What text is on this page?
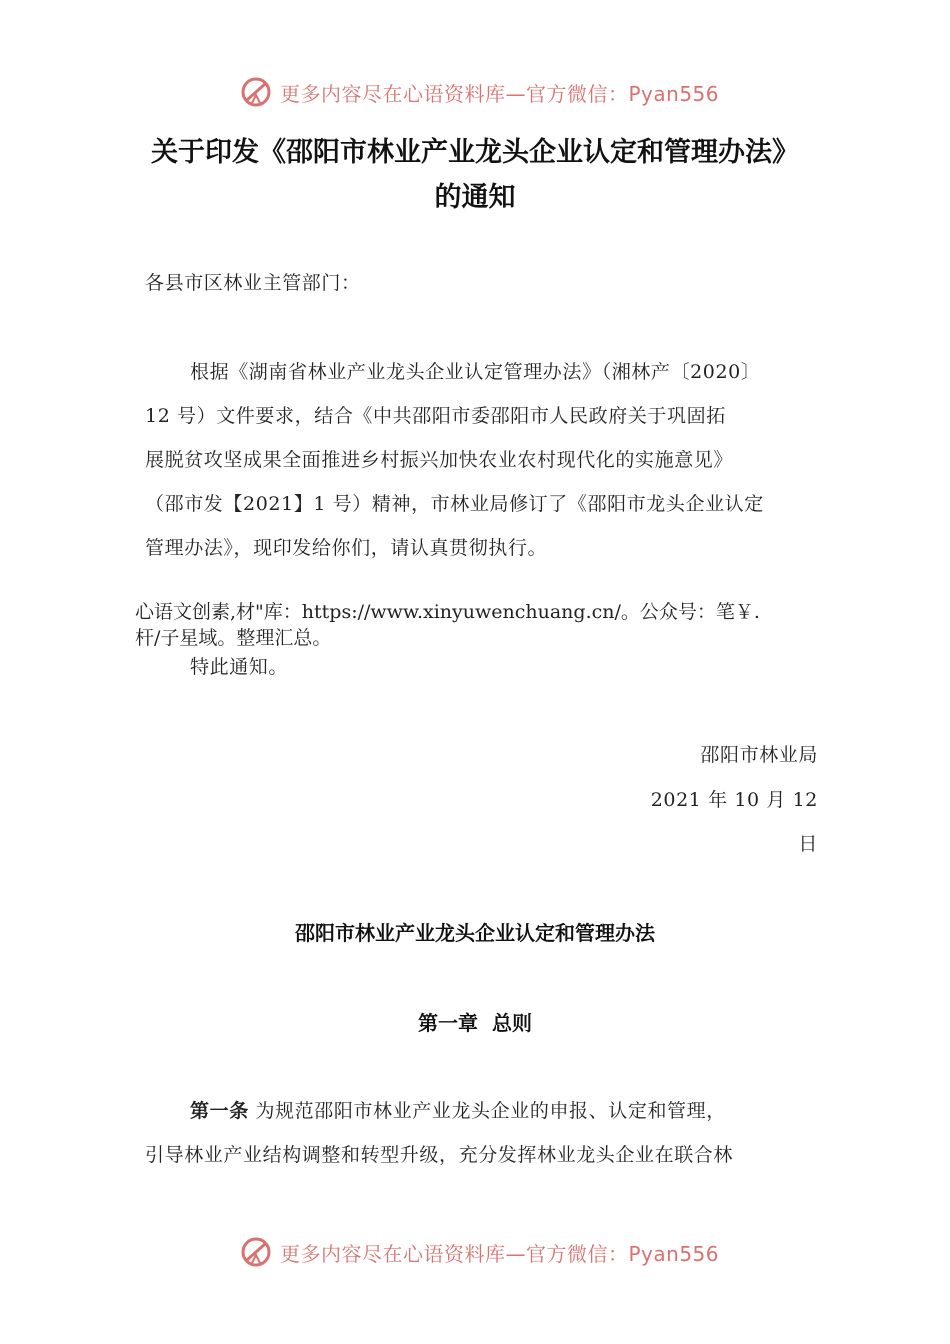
更多内容尽在心语资料库—官方微信：Pyan556
关于印发《邵阳市林业产业龙头企业认定和管理办法》
的通知
各县市区林业主管部门：
根据《湖南省林业产业龙头企业认定管理办法》（湘林产〔2020〕
12 号）文件要求，结合《中共邵阳市委邵阳市人民政府关于巩固拓
展脱贫攻坚成果全面推进乡村振兴加快农业农村现代化的实施意见》
（邵市发【2021】1 号）精神，市林业局修订了《邵阳市龙头企业认定
管理办法》，现印发给你们，请认真贯彻执行。
心语文创素,材"库：https://www.xinyuwenchuang.cn/。公众号：笔￥.
杆/子星域。整理汇总。
特此通知。
邵阳市林业局
2021 年 10 月 12
日
邵阳市林业产业龙头企业认定和管理办法
第一章  总则
第一条 为规范邵阳市林业产业龙头企业的申报、认定和管理，
引导林业产业结构调整和转型升级，充分发挥林业龙头企业在联合林
更多内容尽在心语资料库—官方微信：Pyan556
